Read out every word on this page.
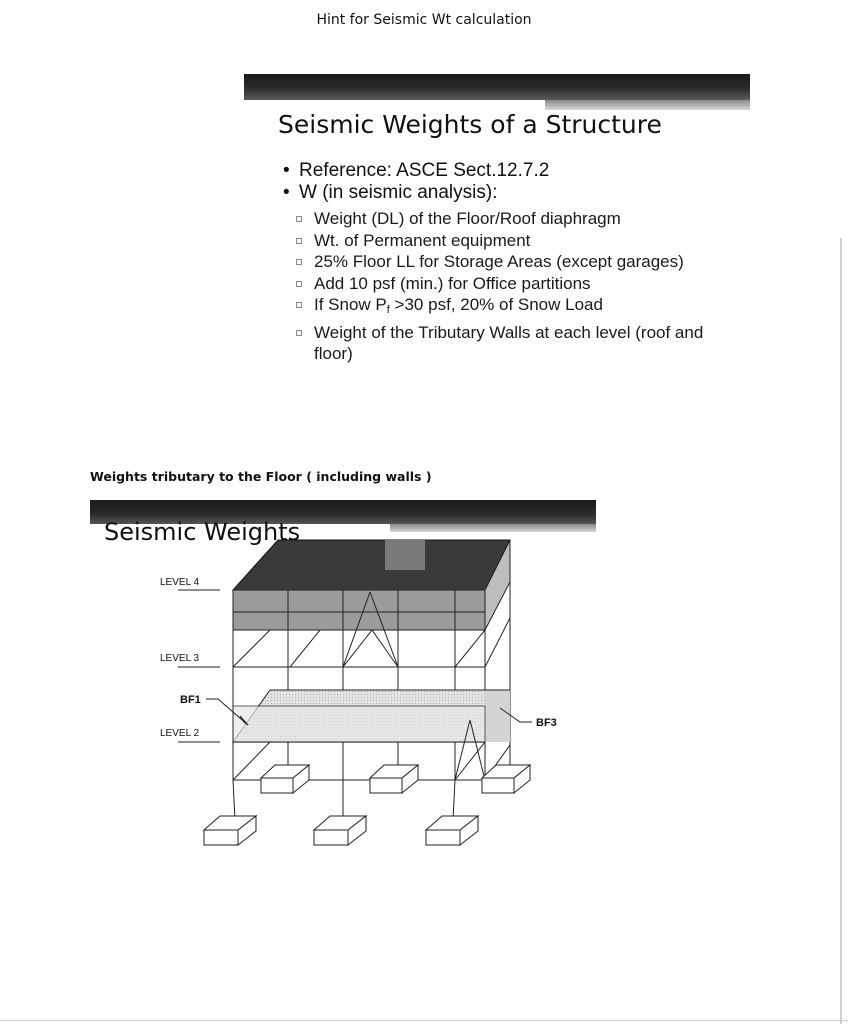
Hint for Seismic Wt calculation
Seismic Weights of a Structure
• Reference: ASCE Sect.12.7.2
• W (in seismic analysis):
Weight (DL) of the Floor/Roof diaphragm
Wt. of Permanent equipment
25% Floor LL for Storage Areas (except garages)
Add 10 psf (min.) for Office partitions
If Snow $P_f >30$ psf, 20% of Snow Load
Weight of the Tributary Walls at each level (roof and floor)
Weights tributary to the Floor ( including walls )
LEVEL 4
LEVEL 3
LEVEL 2
BF1
BF3
Seismic Weights
